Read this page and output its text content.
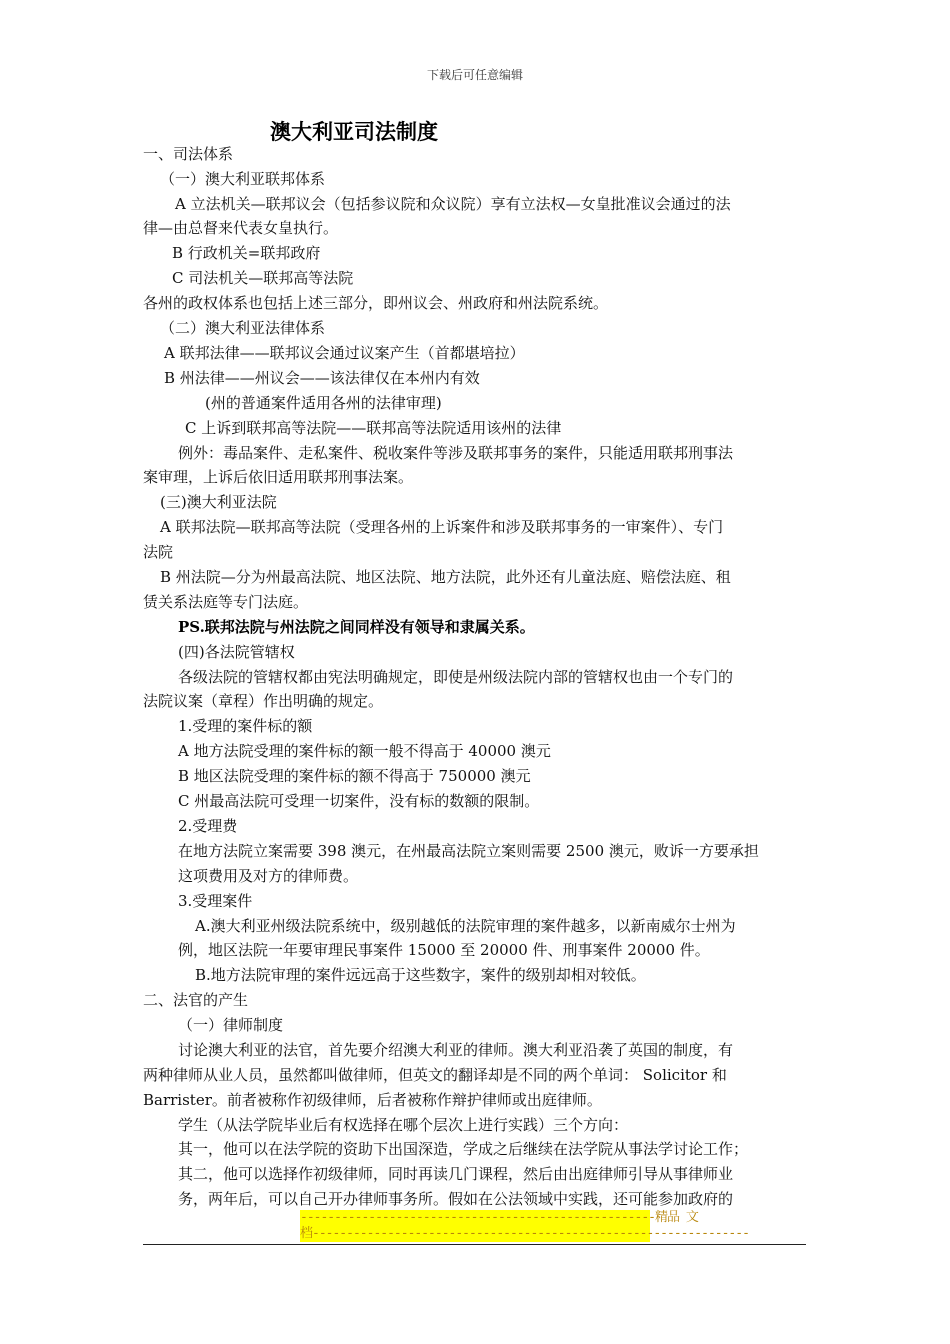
下载后可任意编辑
澳大利亚司法制度
一、司法体系
（一）澳大利亚联邦体系
A 立法机关—联邦议会（包括参议院和众议院）享有立法权—女皇批准议会通过的法
律—由总督来代表女皇执行。
B 行政机关=联邦政府
C 司法机关—联邦高等法院
各州的政权体系也包括上述三部分，即州议会、州政府和州法院系统。
（二）澳大利亚法律体系
A 联邦法律——联邦议会通过议案产生（首都堪培拉）
B 州法律——州议会——该法律仅在本州内有效
(州的普通案件适用各州的法律审理)
C 上诉到联邦高等法院——联邦高等法院适用该州的法律
例外：毒品案件、走私案件、税收案件等涉及联邦事务的案件，只能适用联邦刑事法
案审理，上诉后依旧适用联邦刑事法案。
(三)澳大利亚法院
A 联邦法院—联邦高等法院（受理各州的上诉案件和涉及联邦事务的一审案件）、专门
法院
B 州法院—分为州最高法院、地区法院、地方法院，此外还有儿童法庭、赔偿法庭、租
赁关系法庭等专门法庭。
PS.联邦法院与州法院之间同样没有领导和隶属关系。
(四)各法院管辖权
各级法院的管辖权都由宪法明确规定，即使是州级法院内部的管辖权也由一个专门的
法院议案（章程）作出明确的规定。
1.受理的案件标的额
A 地方法院受理的案件标的额一般不得高于 40000 澳元
B 地区法院受理的案件标的额不得高于 750000 澳元
C 州最高法院可受理一切案件，没有标的数额的限制。
2.受理费
在地方法院立案需要 398 澳元，在州最高法院立案则需要 2500 澳元，败诉一方要承担
这项费用及对方的律师费。
3.受理案件
A.澳大利亚州级法院系统中，级别越低的法院审理的案件越多，以新南威尔士州为
例，地区法院一年要审理民事案件 15000 至 20000 件、刑事案件 20000 件。
B.地方法院审理的案件远远高于这些数字，案件的级别却相对较低。
二、法官的产生
（一）律师制度
讨论澳大利亚的法官，首先要介绍澳大利亚的律师。澳大利亚沿袭了英国的制度，有
两种律师从业人员，虽然都叫做律师，但英文的翻译却是不同的两个单词： Solicitor 和
Barrister。前者被称作初级律师，后者被称作辩护律师或出庭律师。
学生（从法学院毕业后有权选择在哪个层次上进行实践）三个方向：
其一，他可以在法学院的资助下出国深造，学成之后继续在法学院从事法学讨论工作；
其二，他可以选择作初级律师，同时再读几门课程，然后由出庭律师引导从事律师业
务，两年后，可以自己开办律师事务所。假如在公法领域中实践，还可能参加政府的
----------------------------------------------------精品 文
档----------------------------------------------------------------
